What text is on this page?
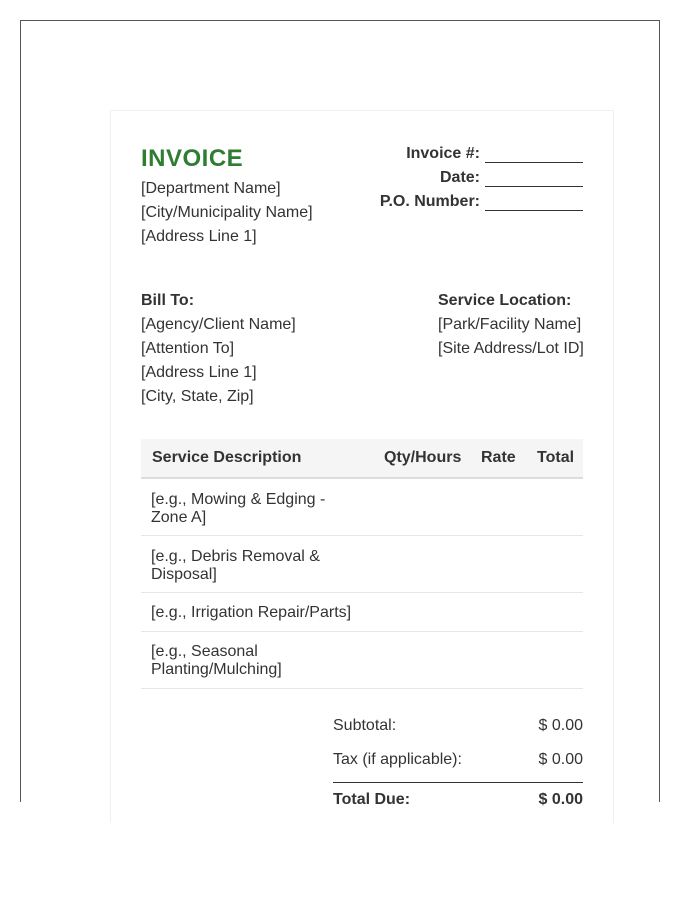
INVOICE
[Department Name]
[City/Municipality Name]
[Address Line 1]
Invoice #:
Date:
P.O. Number:
Bill To:
[Agency/Client Name]
[Attention To]
[Address Line 1]
[City, State, Zip]
Service Location:
[Park/Facility Name]
[Site Address/Lot ID]
Service Description	Qty/Hours Rate Total
[e.g., Mowing & Edging - Zone A]
[e.g., Debris Removal & Disposal]
[e.g., Irrigation Repair/Parts]
[e.g., Seasonal Planting/Mulching]
Subtotal:	$ 0.00
Tax (if applicable):	$ 0.00
Total Due:	$ 0.00
